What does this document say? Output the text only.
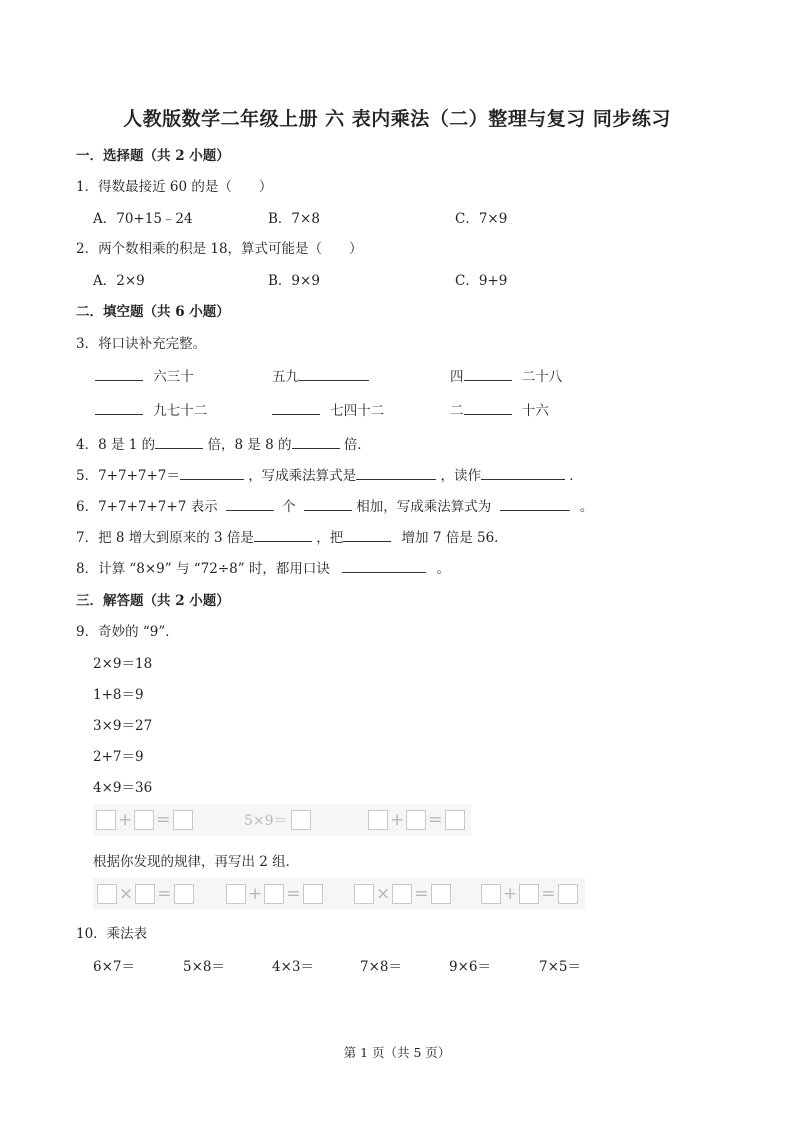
人教版数学二年级上册 六 表内乘法（二）整理与复习 同步练习
一．选择题（共 2 小题）
1．得数最接近 60 的是（　　）
A．70+15﹣24	B．7×8	C．7×9
2．两个数相乘的积是 18，算式可能是（　　）
A．2×9	B．9×9	C．9+9
二．填空题（共 6 小题）
3．将口诀补充完整。
六三十	五九	四	二十八
九七十二	七四十二	二	十六
4．8 是 1 的	倍，8 是 8 的	倍．
5．7+7+7+7＝	，写成乘法算式是	，读作	．
6．7+7+7+7+7 表示	个	相加，写成乘法算式为	。
7．把 8 增大到原来的 3 倍是	，把	增加 7 倍是 56．
8．计算 “8×9” 与 “72÷8” 时，都用口诀	。
三．解答题（共 2 小题）
9．奇妙的 “9”．
2×9＝18
1+8＝9
3×9＝27
2+7＝9
4×9＝36
+ =	5×9＝	+ =
根据你发现的规律，再写出 2 组．
× =	+ =	× =	+ =
10．乘法表
6×7＝	5×8＝	4×3＝	7×8＝	9×6＝	7×5＝
第 1 页（共 5 页）
